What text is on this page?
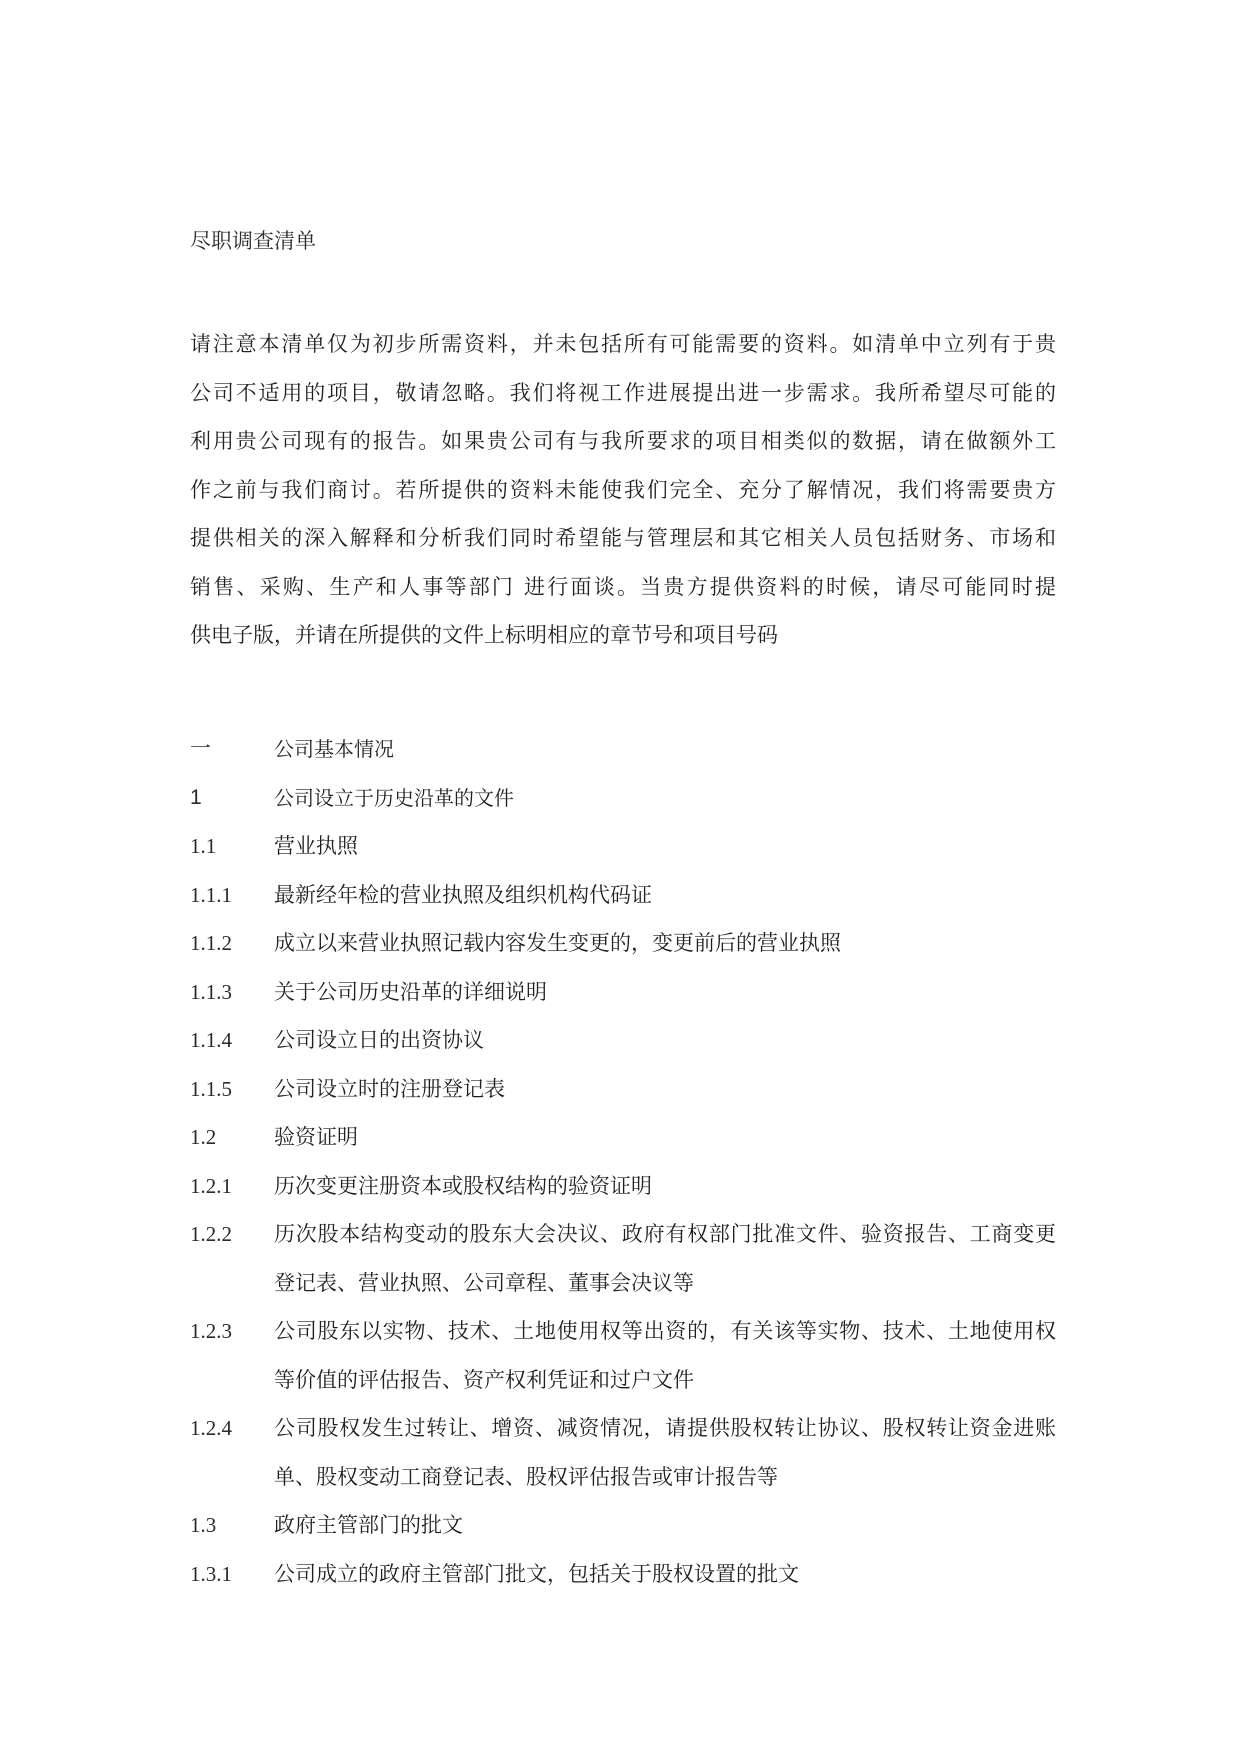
尽职调查清单
请注意本清单仅为初步所需资料，并未包括所有可能需要的资料。如清单中立列有于贵
公司不适用的项目，敬请忽略。我们将视工作进展提出进一步需求。我所希望尽可能的
利用贵公司现有的报告。如果贵公司有与我所要求的项目相类似的数据，请在做额外工
作之前与我们商讨。若所提供的资料未能使我们完全、充分了解情况，我们将需要贵方
提供相关的深入解释和分析我们同时希望能与管理层和其它相关人员包括财务、市场和
销售、采购、生产和人事等部门 进行面谈。当贵方提供资料的时候，请尽可能同时提
供电子版，并请在所提供的文件上标明相应的章节号和项目号码
一	公司基本情况
1	公司设立于历史沿革的文件
1.1	营业执照
1.1.1	最新经年检的营业执照及组织机构代码证
1.1.2	成立以来营业执照记载内容发生变更的，变更前后的营业执照
1.1.3	关于公司历史沿革的详细说明
1.1.4	公司设立日的出资协议
1.1.5	公司设立时的注册登记表
1.2	验资证明
1.2.1	历次变更注册资本或股权结构的验资证明
1.2.2	历次股本结构变动的股东大会决议、政府有权部门批准文件、验资报告、工商变更
登记表、营业执照、公司章程、董事会决议等
1.2.3	公司股东以实物、技术、土地使用权等出资的，有关该等实物、技术、土地使用权
等价值的评估报告、资产权利凭证和过户文件
1.2.4	公司股权发生过转让、增资、减资情况，请提供股权转让协议、股权转让资金进账
单、股权变动工商登记表、股权评估报告或审计报告等
1.3	政府主管部门的批文
1.3.1	公司成立的政府主管部门批文，包括关于股权设置的批文
